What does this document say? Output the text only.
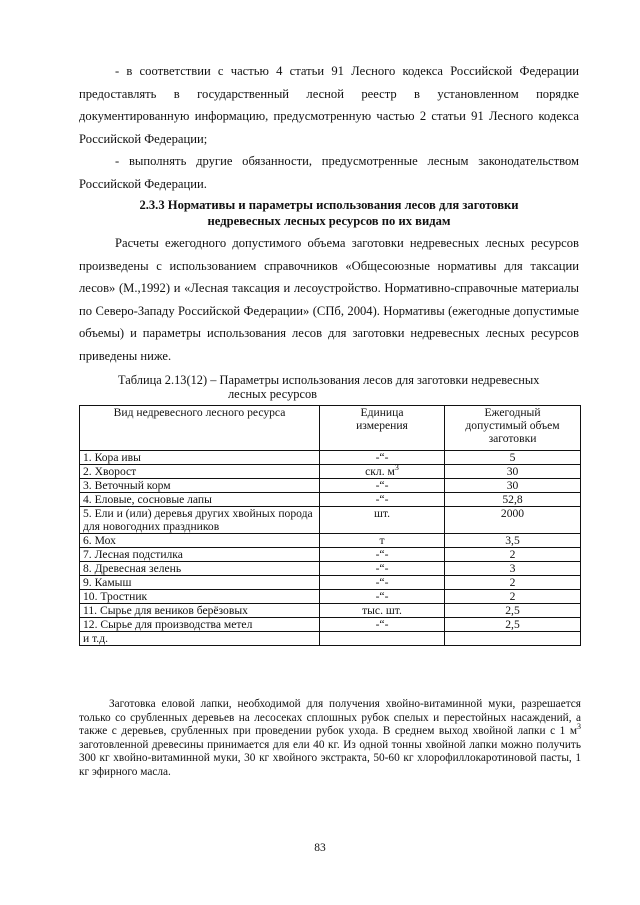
- в соответствии с частью 4 статьи 91 Лесного кодекса Российской Федерации предоставлять в государственный лесной реестр в установленном порядке документированную информацию, предусмотренную частью 2 статьи 91 Лесного кодекса Российской Федерации;

- выполнять другие обязанности, предусмотренные лесным законодательством Российской Федерации.

2.3.3 Нормативы и параметры использования лесов для заготовки
недревесных лесных ресурсов по их видам

Расчеты ежегодного допустимого объема заготовки недревесных лесных ресурсов произведены с использованием справочников «Общесоюзные нормативы для таксации лесов» (М.,1992) и «Лесная таксация и лесоустройство. Нормативно-справочные материалы по Северо-Западу Российской Федерации» (СПб, 2004). Нормативы (ежегодные допустимые объемы) и параметры использования лесов для заготовки недревесных лесных ресурсов приведены ниже.

Таблица 2.13(12) – Параметры использования лесов для заготовки недревесных
лесных ресурсов
Вид недревесного лесного ресурса	Единица измерения	Ежегодный допустимый объем заготовки
1. Кора ивы	-“-	5
2. Хворост	скл. $м^3$	30
3. Веточный корм	-“-	30
4. Еловые, сосновые лапы	-“-	52,8
5. Ели и (или) деревья других хвойных порода для новогодних праздников	шт.	2000
6. Мох	т	3,5
7. Лесная подстилка	-“-	2
8. Древесная зелень	-“-	3
9. Камыш	-“-	2
10. Тростник	-“-	2
11. Сырье для веников берёзовых	тыс. шт.	2,5
12. Сырье для производства метел	-“-	2,5
и т.д.		

Заготовка еловой лапки, необходимой для получения хвойно-витаминной муки, разрешается только со срубленных деревьев на лесосеках сплошных рубок спелых и перестойных насаждений, а также с деревьев, срубленных при проведении рубок ухода. В среднем выход хвойной лапки с 1 $м^3$ заготовленной древесины принимается для ели 40 кг. Из одной тонны хвойной лапки можно получить 300 кг хвойно-витаминной муки, 30 кг хвойного экстракта, 50-60 кг хлорофиллокаротиновой пасты, 1 кг эфирного масла.

83
